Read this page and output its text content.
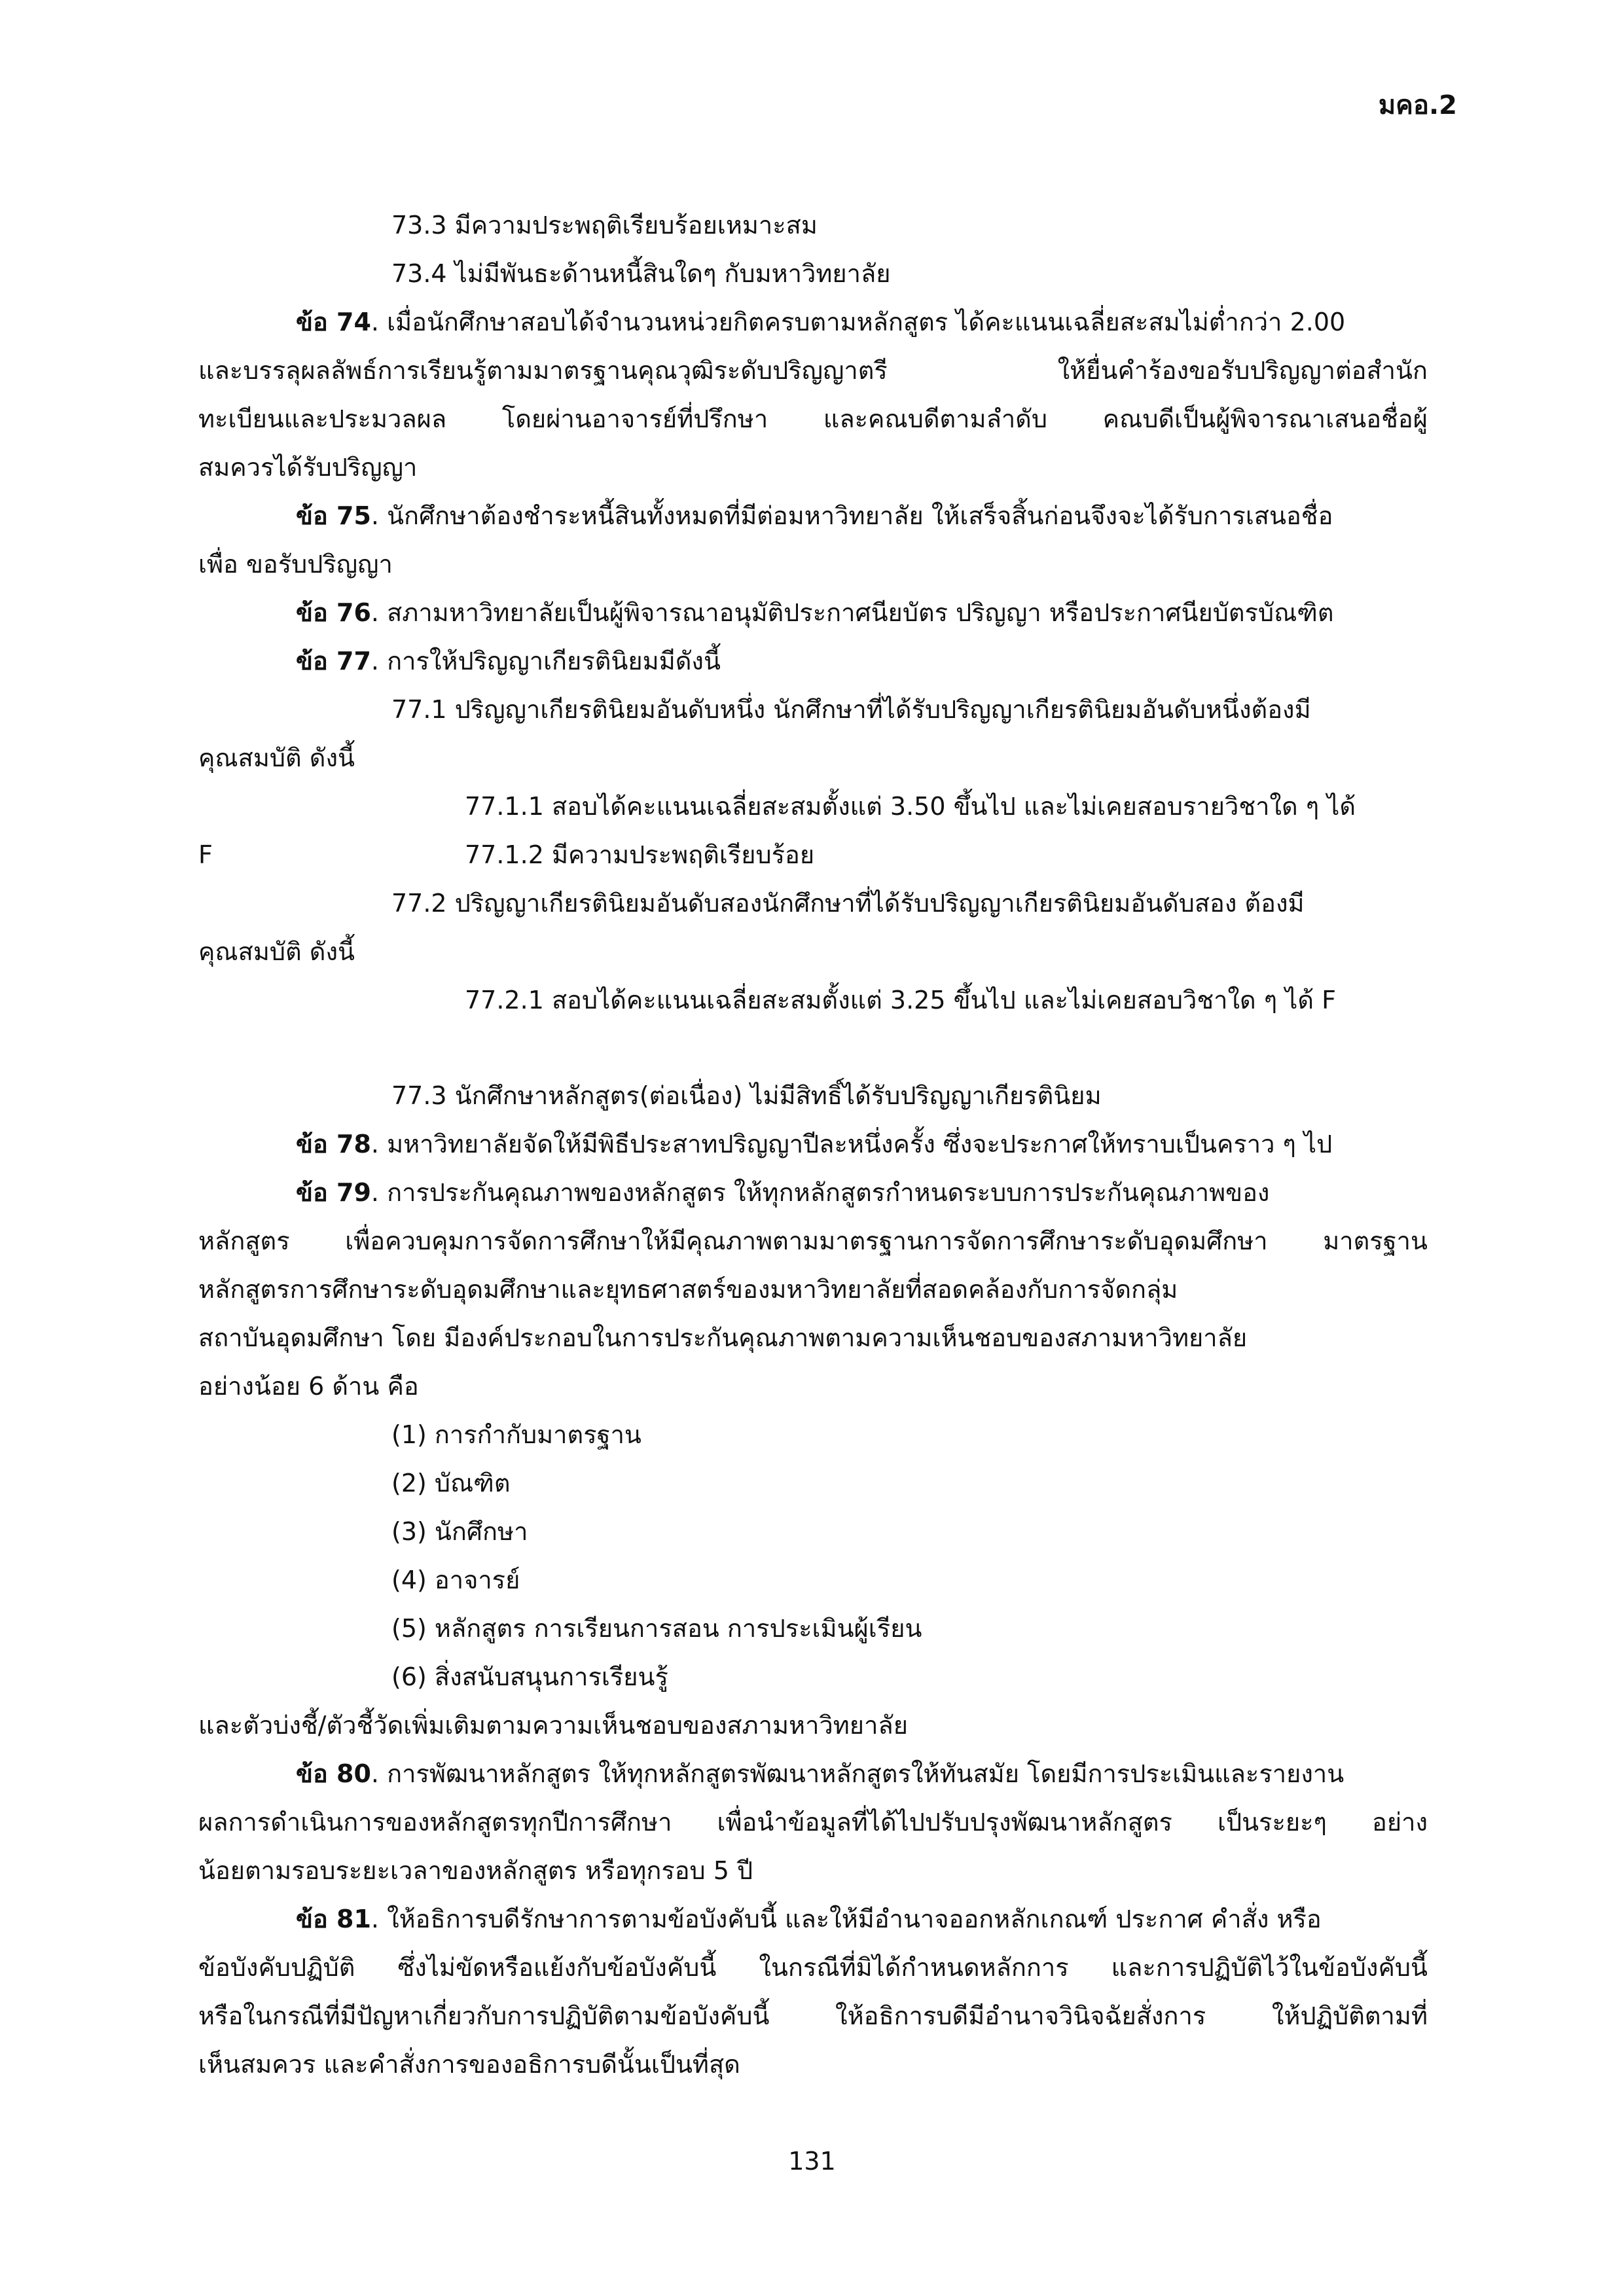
มคอ.2
73.3 มีความประพฤติเรียบร้อยเหมาะสม
73.4 ไม่มีพันธะด้านหนี้สินใดๆ กับมหาวิทยาลัย
ข้อ 74. เมื่อนักศึกษาสอบได้จำนวนหน่วยกิตครบตามหลักสูตร ได้คะแนนเฉลี่ยสะสมไม่ต่ำกว่า 2.00
และบรรลุผลลัพธ์การเรียนรู้ตามมาตรฐานคุณวุฒิระดับปริญญาตรี ให้ยื่นคำร้องขอรับปริญญาต่อสำนัก
ทะเบียนและประมวลผล โดยผ่านอาจารย์ที่ปรึกษา และคณบดีตามลำดับ คณบดีเป็นผู้พิจารณาเสนอชื่อผู้
สมควรได้รับปริญญา
ข้อ 75. นักศึกษาต้องชำระหนี้สินทั้งหมดที่มีต่อมหาวิทยาลัย ให้เสร็จสิ้นก่อนจึงจะได้รับการเสนอชื่อ
เพื่อ ขอรับปริญญา
ข้อ 76. สภามหาวิทยาลัยเป็นผู้พิจารณาอนุมัติประกาศนียบัตร ปริญญา หรือประกาศนียบัตรบัณฑิต
ข้อ 77. การให้ปริญญาเกียรตินิยมมีดังนี้
77.1 ปริญญาเกียรตินิยมอันดับหนึ่ง นักศึกษาที่ได้รับปริญญาเกียรตินิยมอันดับหนึ่งต้องมี
คุณสมบัติ ดังนี้
77.1.1 สอบได้คะแนนเฉลี่ยสะสมตั้งแต่ 3.50 ขึ้นไป และไม่เคยสอบรายวิชาใด ๆ ได้
F	77.1.2 มีความประพฤติเรียบร้อย
77.2 ปริญญาเกียรตินิยมอันดับสองนักศึกษาที่ได้รับปริญญาเกียรตินิยมอันดับสอง ต้องมี
คุณสมบัติ ดังนี้
77.2.1 สอบได้คะแนนเฉลี่ยสะสมตั้งแต่ 3.25 ขึ้นไป และไม่เคยสอบวิชาใด ๆ ได้ F
77.3 นักศึกษาหลักสูตร(ต่อเนื่อง) ไม่มีสิทธิ์ได้รับปริญญาเกียรตินิยม
ข้อ 78. มหาวิทยาลัยจัดให้มีพิธีประสาทปริญญาปีละหนึ่งครั้ง ซึ่งจะประกาศให้ทราบเป็นคราว ๆ ไป
ข้อ 79. การประกันคุณภาพของหลักสูตร ให้ทุกหลักสูตรกำหนดระบบการประกันคุณภาพของ
หลักสูตร เพื่อควบคุมการจัดการศึกษาให้มีคุณภาพตามมาตรฐานการจัดการศึกษาระดับอุดมศึกษา มาตรฐาน
หลักสูตรการศึกษาระดับอุดมศึกษาและยุทธศาสตร์ของมหาวิทยาลัยที่สอดคล้องกับการจัดกลุ่ม
สถาบันอุดมศึกษา โดย มีองค์ประกอบในการประกันคุณภาพตามความเห็นชอบของสภามหาวิทยาลัย
อย่างน้อย 6 ด้าน คือ
(1) การกำกับมาตรฐาน
(2) บัณฑิต
(3) นักศึกษา
(4) อาจารย์
(5) หลักสูตร การเรียนการสอน การประเมินผู้เรียน
(6) สิ่งสนับสนุนการเรียนรู้
และตัวบ่งชี้/ตัวชี้วัดเพิ่มเติมตามความเห็นชอบของสภามหาวิทยาลัย
ข้อ 80. การพัฒนาหลักสูตร ให้ทุกหลักสูตรพัฒนาหลักสูตรให้ทันสมัย โดยมีการประเมินและรายงาน
ผลการดำเนินการของหลักสูตรทุกปีการศึกษา เพื่อนำข้อมูลที่ได้ไปปรับปรุงพัฒนาหลักสูตร เป็นระยะๆ อย่าง
น้อยตามรอบระยะเวลาของหลักสูตร หรือทุกรอบ 5 ปี
ข้อ 81. ให้อธิการบดีรักษาการตามข้อบังคับนี้ และให้มีอำนาจออกหลักเกณฑ์ ประกาศ คำสั่ง หรือ
ข้อบังคับปฏิบัติ ซึ่งไม่ขัดหรือแย้งกับข้อบังคับนี้ ในกรณีที่มิได้กำหนดหลักการ และการปฏิบัติไว้ในข้อบังคับนี้
หรือในกรณีที่มีปัญหาเกี่ยวกับการปฏิบัติตามข้อบังคับนี้ ให้อธิการบดีมีอำนาจวินิจฉัยสั่งการ ให้ปฏิบัติตามที่
เห็นสมควร และคำสั่งการของอธิการบดีนั้นเป็นที่สุด
131
